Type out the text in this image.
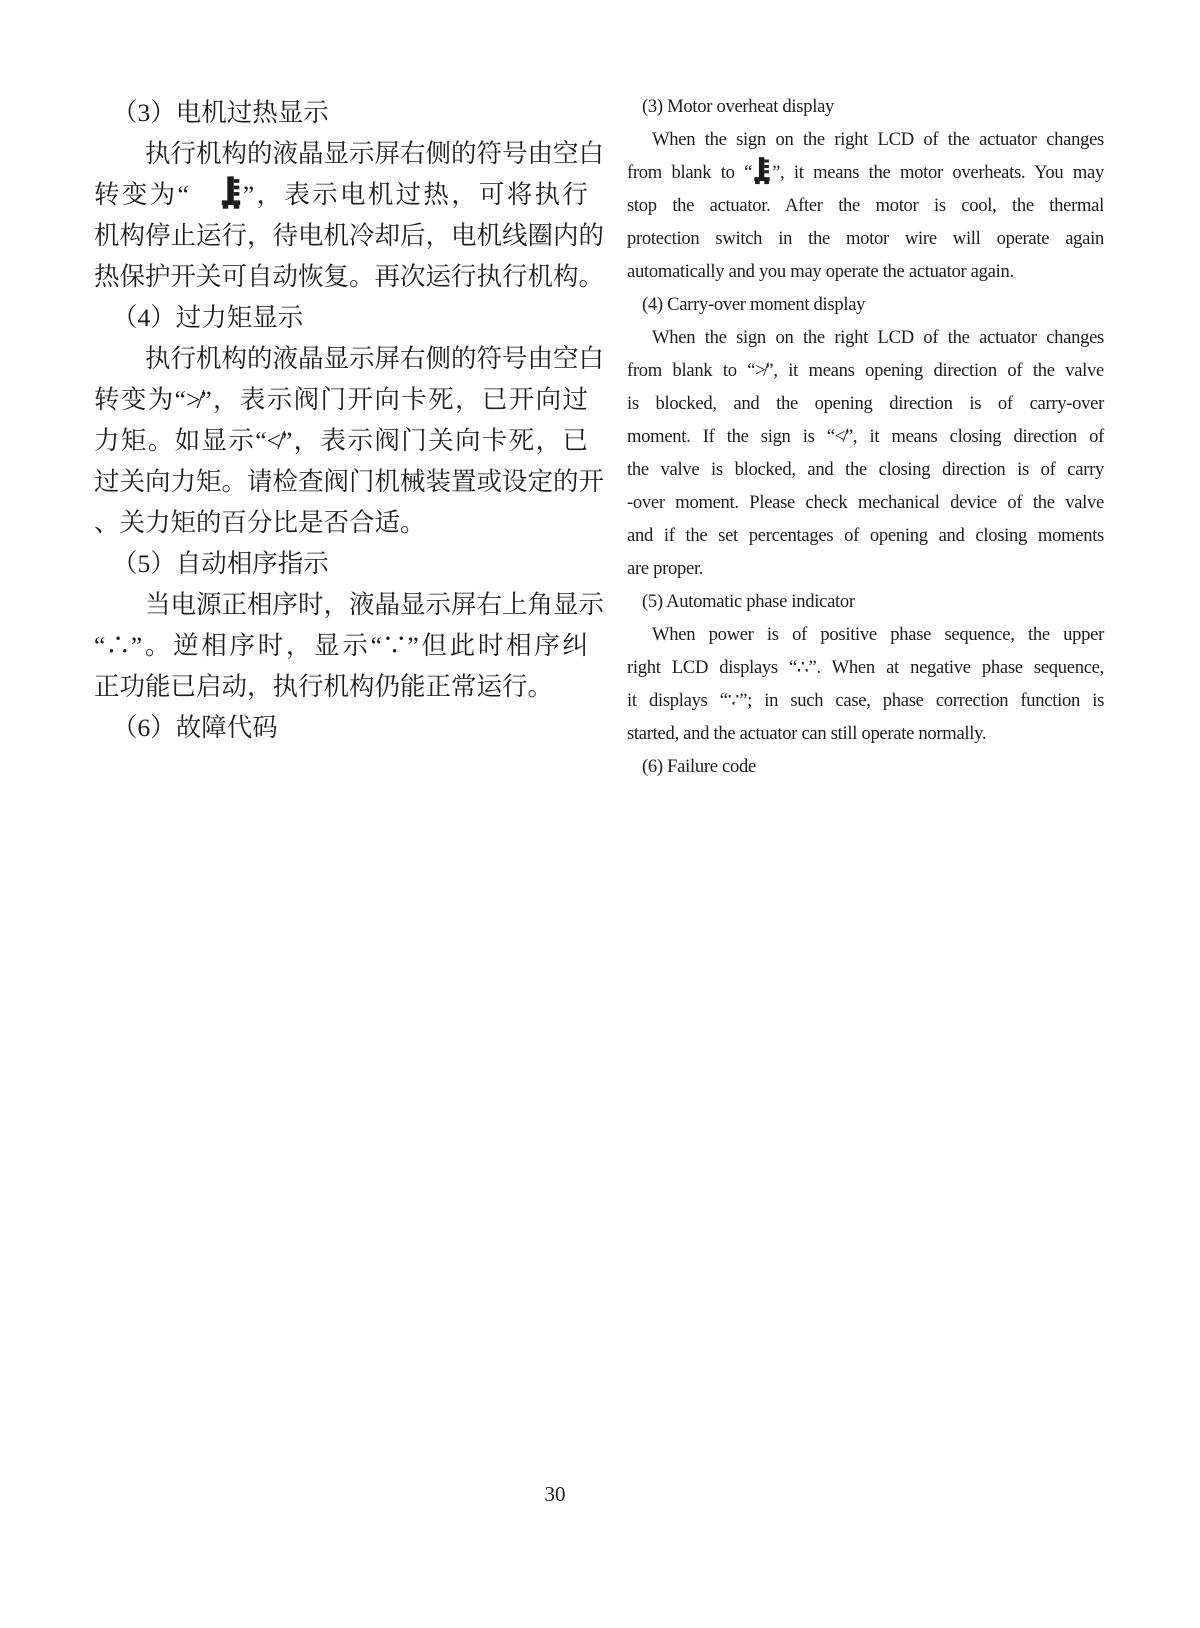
（3）电机过热显示
执行机构的液晶显示屏右侧的符号由空白
转变为“　”，表示电机过热，可将执行
机构停止运行，待电机冷却后，电机线圈内的
热保护开关可自动恢复。再次运行执行机构。
（4）过力矩显示
执行机构的液晶显示屏右侧的符号由空白
转变为“≯”，表示阀门开向卡死，已开向过
力矩。如显示“≮”，表示阀门关向卡死，已
过关向力矩。请检查阀门机械装置或设定的开
、关力矩的百分比是否合适。
（5）自动相序指示
当电源正相序时，液晶显示屏右上角显示
“∴”。逆相序时，显示“∵”但此时相序纠
正功能已启动，执行机构仍能正常运行。
（6）故障代码
(3) Motor overheat display
When the sign on the right LCD of the actuator changes
from blank to “ ”, it means the motor overheats. You may
stop the actuator. After the motor is cool, the thermal
protection switch in the motor wire will operate again
automatically and you may operate the actuator again.
(4) Carry-over moment display
When the sign on the right LCD of the actuator changes
from blank to “≯”, it means opening direction of the valve
is blocked, and the opening direction is of carry-over
moment. If the sign is “≮”, it means closing direction of
the valve is blocked, and the closing direction is of carry
-over moment. Please check mechanical device of the valve
and if the set percentages of opening and closing moments
are proper.
(5) Automatic phase indicator
When power is of positive phase sequence, the upper
right LCD displays “∴”. When at negative phase sequence,
it displays “∵”; in such case, phase correction function is
started, and the actuator can still operate normally.
(6) Failure code
30
